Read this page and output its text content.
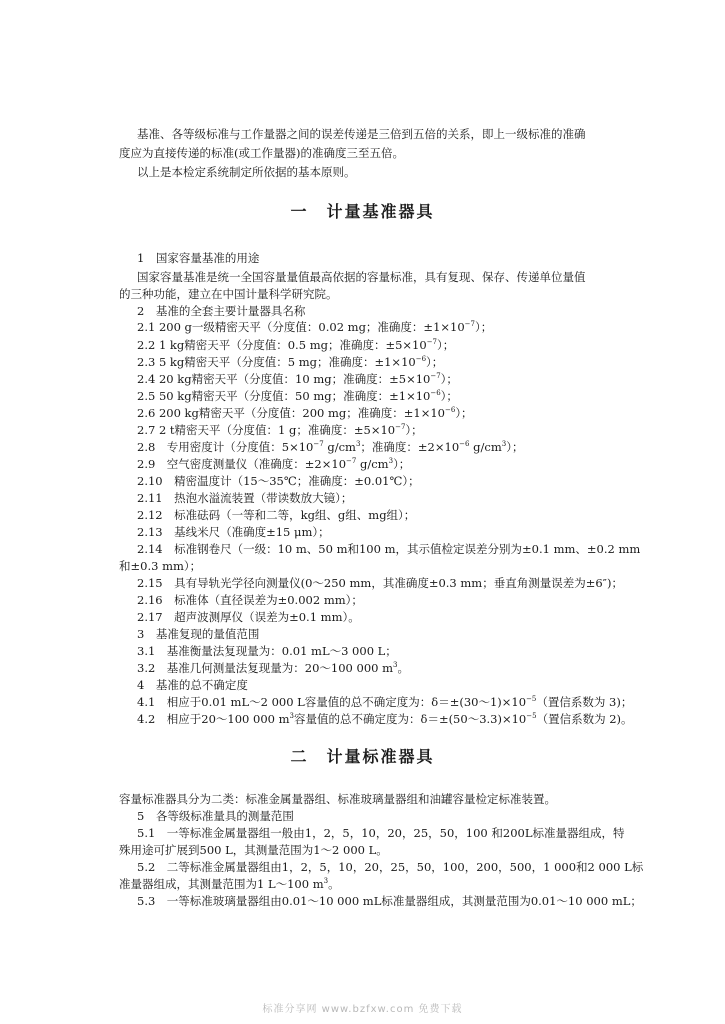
基准、各等级标准与工作量器之间的误差传递是三倍到五倍的关系，即上一级标准的准确
度应为直接传递的标准(或工作量器)的准确度三至五倍。
以上是本检定系统制定所依据的基本原则。
一　计量基准器具
1　国家容量基准的用途
国家容量基准是统一全国容量量值最高依据的容量标准，具有复现、保存、传递单位量值
的三种功能，建立在中国计量科学研究院。
2　基准的全套主要计量器具名称
2.1 200 g一级精密天平（分度值：0.02 mg；准确度：$\pm 1\times 10^{-7}$）；
2.2 1 kg精密天平（分度值：0.5 mg；准确度：$\pm 5\times 10^{-7}$）；
2.3 5 kg精密天平（分度值：5 mg；准确度：$\pm 1\times 10^{-6}$）；
2.4 20 kg精密天平（分度值：10 mg；准确度：$\pm 5\times 10^{-7}$）；
2.5 50 kg精密天平（分度值：50 mg；准确度：$\pm 1\times 10^{-6}$）；
2.6 200 kg精密天平（分度值：200 mg；准确度：$\pm 1\times 10^{-6}$）；
2.7 2 t精密天平（分度值：1 g；准确度：$\pm 5\times 10^{-7}$）；
2.8　专用密度计（分度值：$5\times 10^{-7}$ $g/cm^3$；准确度：$\pm 2\times 10^{-6}$ $g/cm^3$）；
2.9　空气密度测量仪（准确度：$\pm 2\times 10^{-7}$ $g/cm^3$）；
2.10　精密温度计（15～35℃；准确度：±0.01℃）；
2.11　热泡水溢流装置（带读数放大镜）；
2.12　标准砝码（一等和二等，kg组、g组、mg组）；
2.13　基线米尺（准确度±15 μm）；
2.14　标准钢卷尺（一级：10 m、50 m和100 m，其示值检定误差分别为±0.1 mm、±0.2 mm
和±0.3 mm）；
2.15　具有导轨光学径向测量仪(0～250 mm，其准确度±0.3 mm；垂直角测量误差为±6″)；
2.16　标准体（直径误差为±0.002 mm）；
2.17　超声波测厚仪（误差为±0.1 mm）。
3　基准复现的量值范围
3.1　基准衡量法复现量为：0.01 mL～3 000 L；
3.2　基准几何测量法复现量为：20～100 000 $m^3$。
4　基准的总不确定度
4.1　相应于0.01 mL～2 000 L容量值的总不确定度为：$\delta=\pm(30\sim 1)\times 10^{-5}$（置信系数为 3)；
4.2　相应于20～100 000 $m^3$容量值的总不确定度为：$\delta=\pm(50\sim 3.3)\times 10^{-5}$（置信系数为 2)。
二　计量标准器具
容量标准器具分为二类：标准金属量器组、标准玻璃量器组和油罐容量检定标准装置。
5　各等级标准量具的测量范围
5.1　一等标准金属量器组一般由1，2，5，10，20，25，50，100 和200L标准量器组成，特
殊用途可扩展到500 L，其测量范围为1～2 000 L。
5.2　二等标准金属量器组由1，2，5，10，20，25，50，100，200，500，1 000和2 000 L标
准量器组成，其测量范围为1 L～100 $m^3$。
5.3　一等标准玻璃量器组由0.01～10 000 mL标准量器组成，其测量范围为0.01～10 000 mL；
标准分享网 www.bzfxw.com 免费下载
